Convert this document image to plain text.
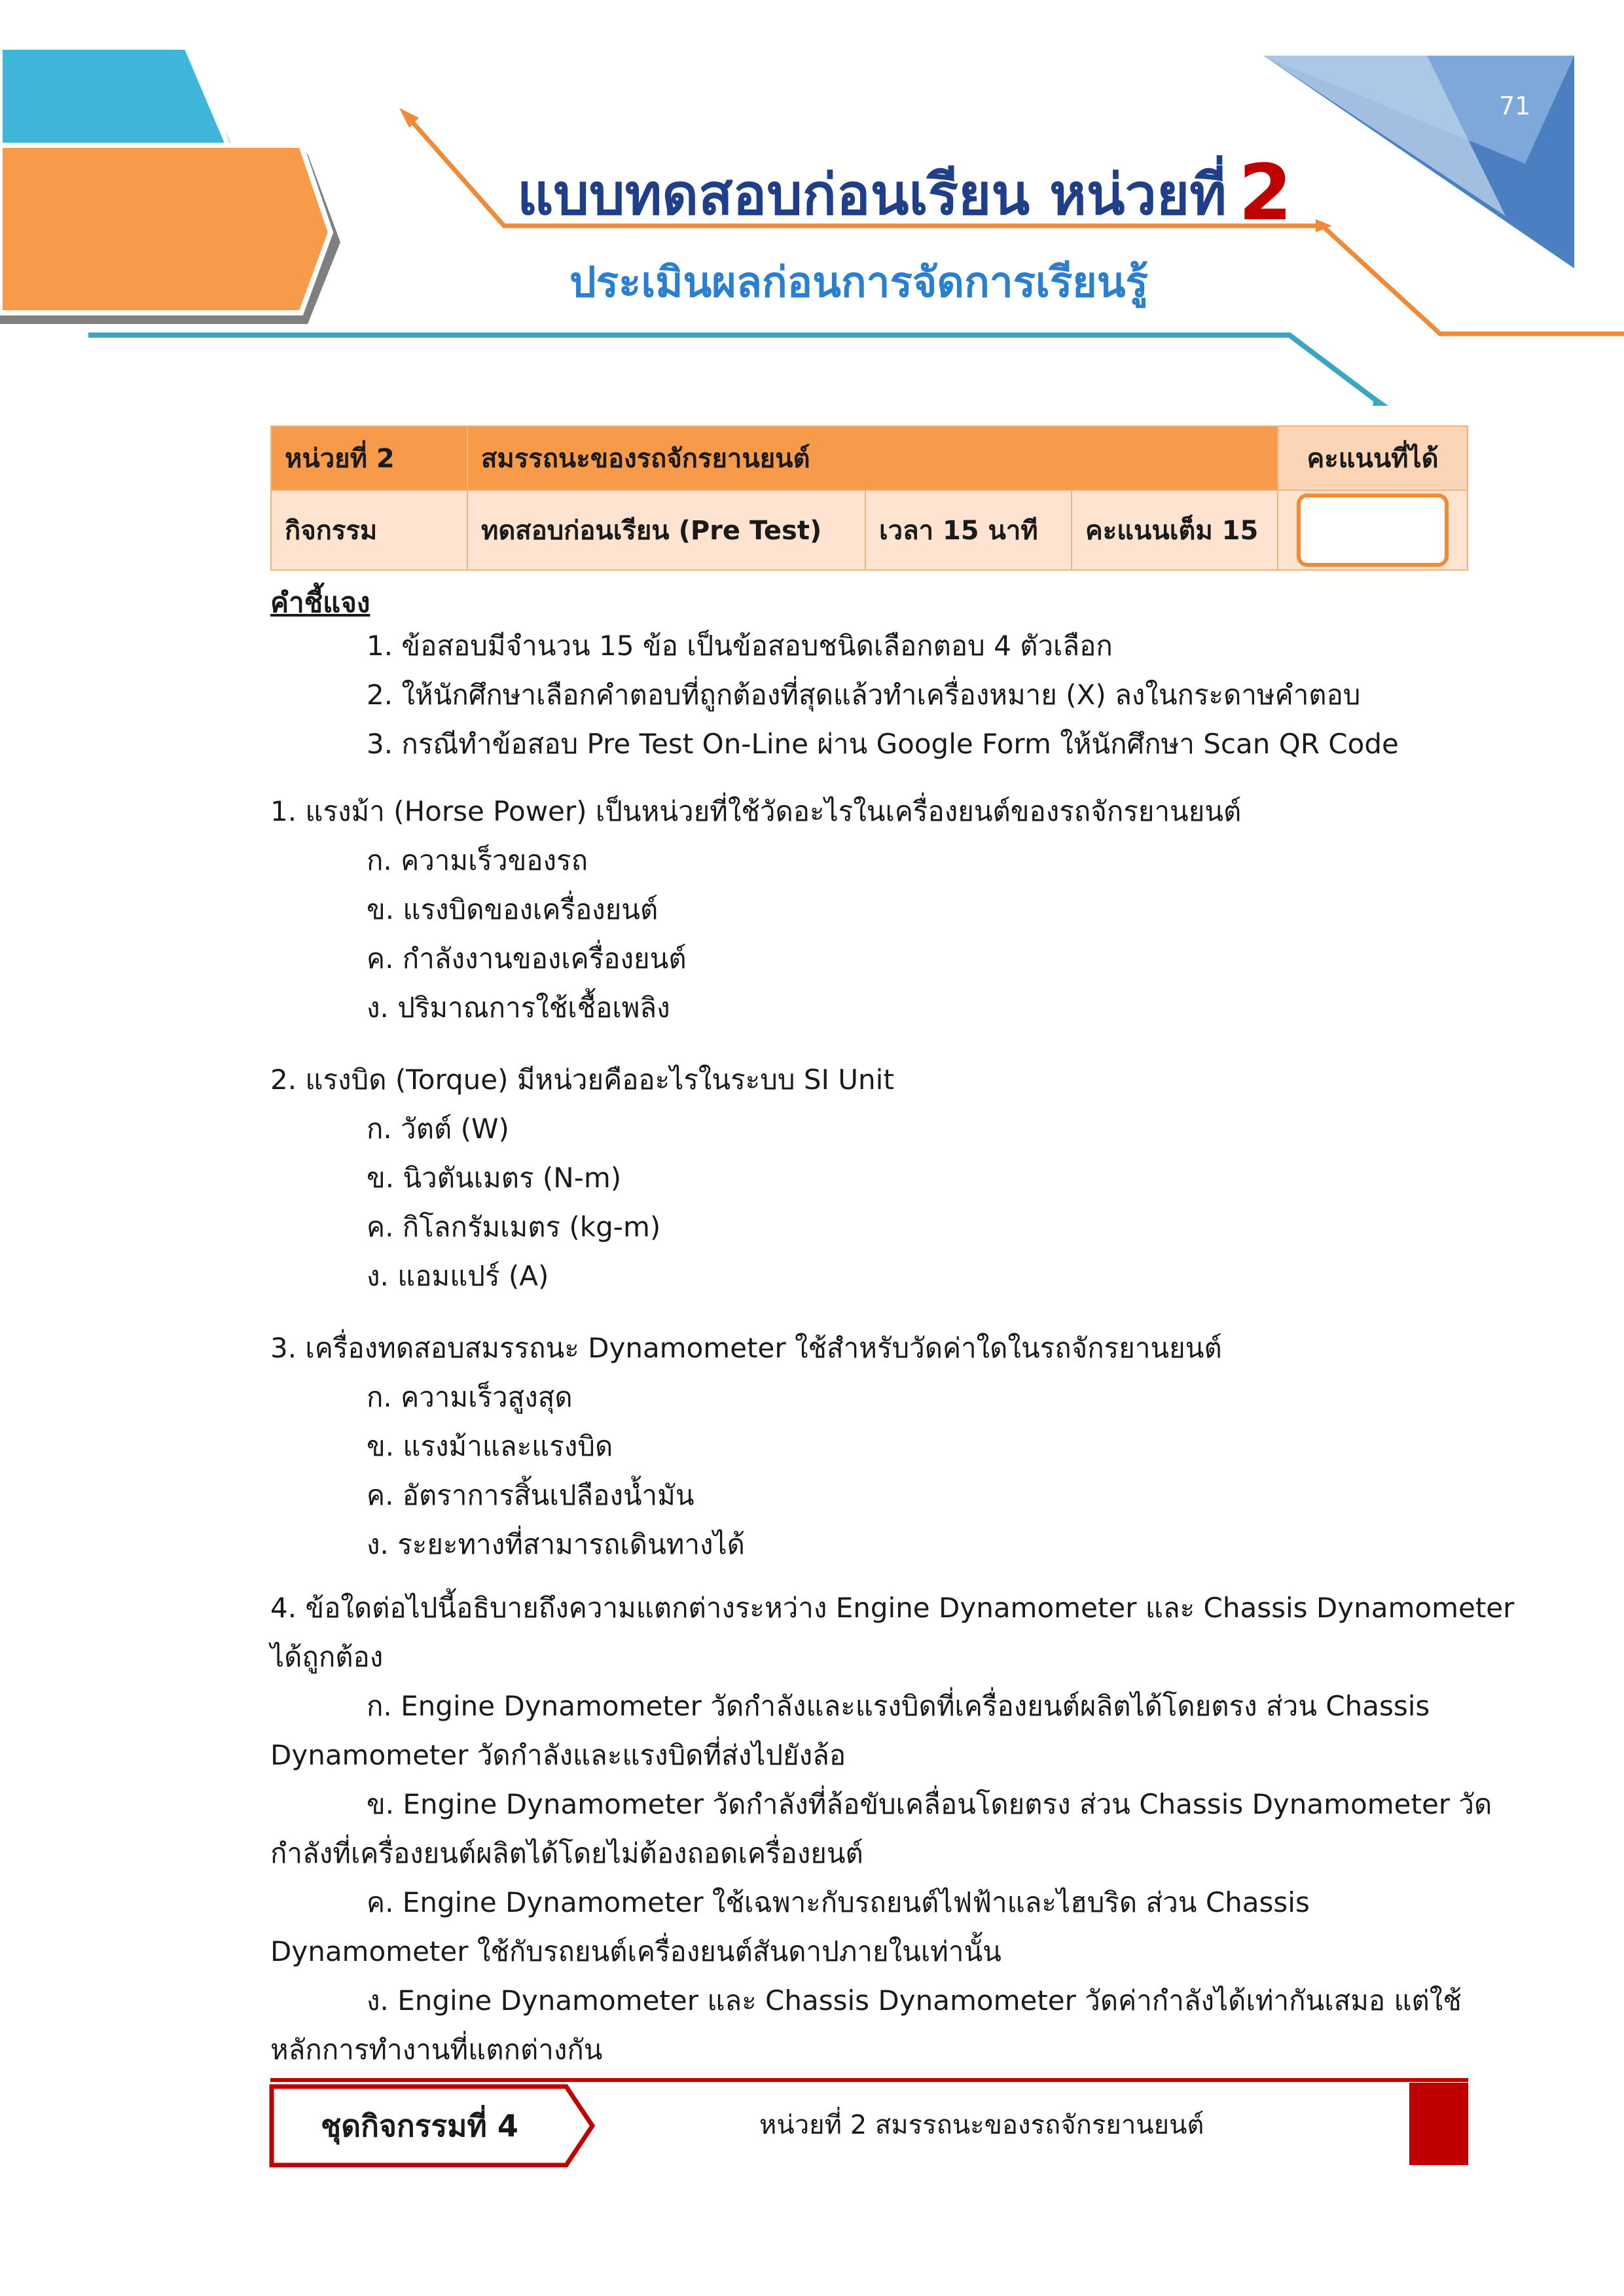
71
แบบทดสอบก่อนเรียน หน่วยที่ 2
ประเมินผลก่อนการจัดการเรียนรู้
หน่วยที่ 2	สมรรถนะของรถจักรยานยนต์			คะแนนที่ได้
กิจกรรม	ทดสอบก่อนเรียน (Pre Test)	เวลา 15 นาที	คะแนนเต็ม 15	
คำชี้แจง
1. ข้อสอบมีจำนวน 15 ข้อ เป็นข้อสอบชนิดเลือกตอบ 4 ตัวเลือก
2. ให้นักศึกษาเลือกคำตอบที่ถูกต้องที่สุดแล้วทำเครื่องหมาย (X) ลงในกระดาษคำตอบ
3. กรณีทำข้อสอบ Pre Test On-Line ผ่าน Google Form ให้นักศึกษา Scan QR Code
1. แรงม้า (Horse Power) เป็นหน่วยที่ใช้วัดอะไรในเครื่องยนต์ของรถจักรยานยนต์
ก. ความเร็วของรถ
ข. แรงบิดของเครื่องยนต์
ค. กำลังงานของเครื่องยนต์
ง. ปริมาณการใช้เชื้อเพลิง
2. แรงบิด (Torque) มีหน่วยคืออะไรในระบบ SI Unit
ก. วัตต์ (W)
ข. นิวตันเมตร (N-m)
ค. กิโลกรัมเมตร (kg-m)
ง. แอมแปร์ (A)
3. เครื่องทดสอบสมรรถนะ Dynamometer ใช้สำหรับวัดค่าใดในรถจักรยานยนต์
ก. ความเร็วสูงสุด
ข. แรงม้าและแรงบิด
ค. อัตราการสิ้นเปลืองน้ำมัน
ง. ระยะทางที่สามารถเดินทางได้
4. ข้อใดต่อไปนี้อธิบายถึงความแตกต่างระหว่าง Engine Dynamometer และ Chassis Dynamometer
ได้ถูกต้อง
ก. Engine Dynamometer วัดกำลังและแรงบิดที่เครื่องยนต์ผลิตได้โดยตรง ส่วน Chassis
Dynamometer วัดกำลังและแรงบิดที่ส่งไปยังล้อ
ข. Engine Dynamometer วัดกำลังที่ล้อขับเคลื่อนโดยตรง ส่วน Chassis Dynamometer วัด
กำลังที่เครื่องยนต์ผลิตได้โดยไม่ต้องถอดเครื่องยนต์
ค. Engine Dynamometer ใช้เฉพาะกับรถยนต์ไฟฟ้าและไฮบริด ส่วน Chassis
Dynamometer ใช้กับรถยนต์เครื่องยนต์สันดาปภายในเท่านั้น
ง. Engine Dynamometer และ Chassis Dynamometer วัดค่ากำลังได้เท่ากันเสมอ แต่ใช้
หลักการทำงานที่แตกต่างกัน
ชุดกิจกรรมที่ 4	หน่วยที่ 2 สมรรถนะของรถจักรยานยนต์
